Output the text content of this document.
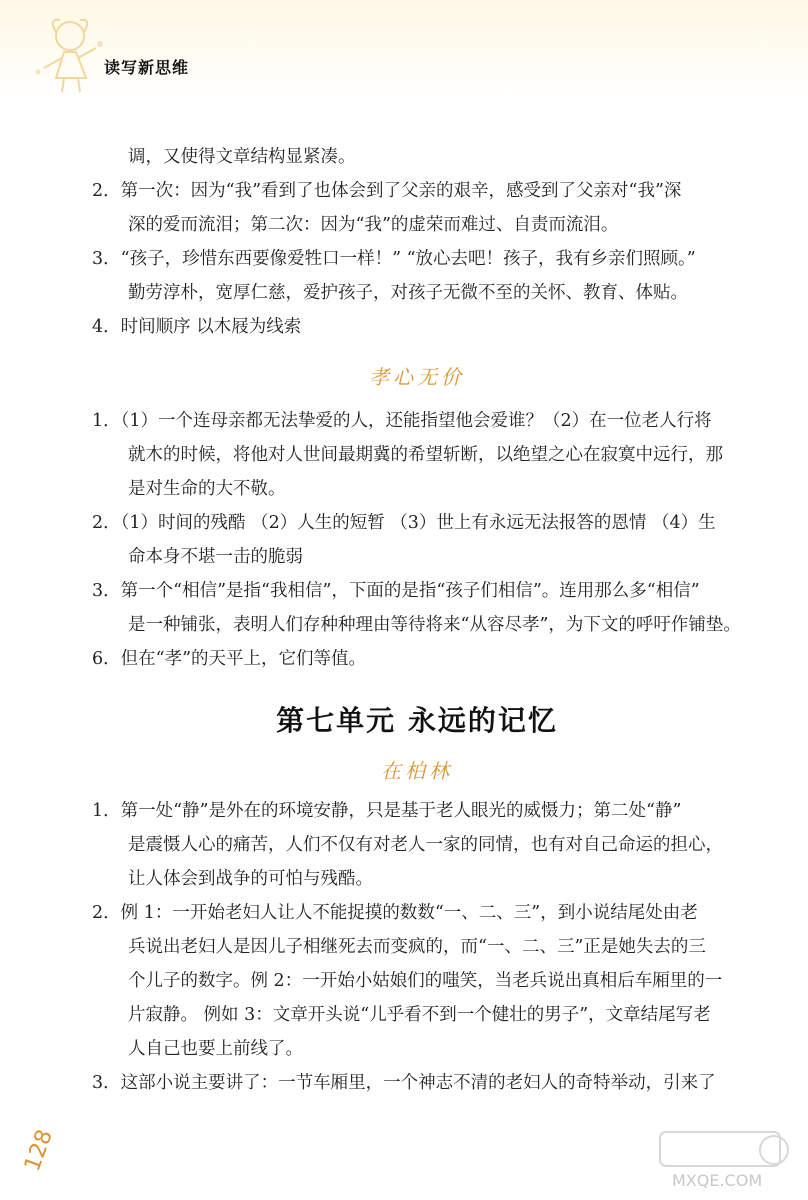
读写新思维
调，又使得文章结构显紧凑。
2．第一次：因为“我”看到了也体会到了父亲的艰辛，感受到了父亲对“我”深
深的爱而流泪；第二次：因为“我”的虚荣而难过、自责而流泪。
3．“孩子，珍惜东西要像爱牲口一样！” “放心去吧！孩子，我有乡亲们照顾。”
勤劳淳朴，宽厚仁慈，爱护孩子，对孩子无微不至的关怀、教育、体贴。
4．时间顺序 以木屐为线索
孝心无价
1．（1）一个连母亲都无法挚爱的人，还能指望他会爱谁？（2）在一位老人行将
就木的时候，将他对人世间最期冀的希望斩断，以绝望之心在寂寞中远行，那
是对生命的大不敬。
2．（1）时间的残酷 （2）人生的短暂 （3）世上有永远无法报答的恩情 （4）生
命本身不堪一击的脆弱
3．第一个“相信”是指“我相信”，下面的是指“孩子们相信”。连用那么多“相信”
是一种铺张，表明人们存种种理由等待将来“从容尽孝”，为下文的呼吁作铺垫。
6．但在“孝”的天平上，它们等值。
第七单元 永远的记忆
在柏林
1．第一处“静”是外在的环境安静，只是基于老人眼光的威慑力；第二处“静”
是震慑人心的痛苦，人们不仅有对老人一家的同情，也有对自己命运的担心，
让人体会到战争的可怕与残酷。
2．例 1：一开始老妇人让人不能捉摸的数数“一、二、三”，到小说结尾处由老
兵说出老妇人是因儿子相继死去而变疯的，而“一、二、三”正是她失去的三
个儿子的数字。例 2：一开始小姑娘们的嗤笑，当老兵说出真相后车厢里的一
片寂静。 例如 3：文章开头说“儿乎看不到一个健壮的男子”，文章结尾写老
人自己也要上前线了。
3．这部小说主要讲了：一节车厢里，一个神志不清的老妇人的奇特举动，引来了
128
MXQE.COM
